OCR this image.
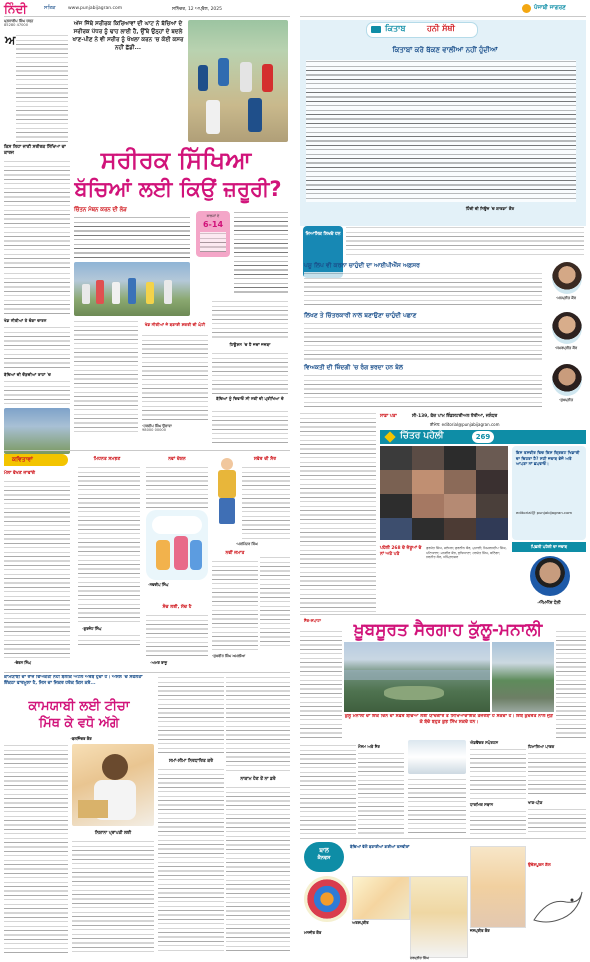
ਨਿੰਦੀ	ਸਤਿਕ	www.punjabijagran.com	ਸਨਿੱਚਰ, 12 ਅਪ੍ਰੈਲ, 2025	ਪੰਜਾਬੀ ਜਾਗਰਣ
ਪ੍ਰਸਾਰੀਪ ਸਿੰਘ ਚੜ੍ਹ
85280 47000
ਅ
ਕਿਸ ਲਿਹਾ ਜਾਣੀ ਸਰੀਰਕ ਸਿੱਖਿਆ ਦਾ ਕਾਰਜ
ਅੱਜ ਜਿੱਥੇ ਸਰੀਰਕ ਕਿਰਿਆਵਾਂ ਦੀ ਘਾਟ ਨੇ ਬੱਚਿਆਂ ਦੇ ਸਰੀਰਕ ਪੱਧਰ ਨੂੰ ਢਾਹ ਲਾਈ ਹੈ, ਉੱਥੇ ਉਨ੍ਹਾਂ ਦੇ ਬਦਲੇ ਖਾਣ-ਪੀਣ ਨੇ ਵੀ ਸਰੀਰ ਨੂੰ ਖੋਖਲਾ ਕਰਨ 'ਚ ਕੋਈ ਕਸਰ ਨਹੀਂ ਛੱਡੀ...
ਸਰੀਰਕ ਸਿੱਖਿਆ
ਬੱਚਿਆਂ ਲਈ ਕਿਉਂ ਜ਼ਰੂਰੀ?
ਚਿੰਤਨ ਮੰਥਨ ਕਰਨ ਦੀ ਲੋੜ
ਬਾਲਕਾਂ ਦੇ
6-14
ਖੇਡ ਨੀਤੀਆਂ ਤੇ ਚੰਗਾ ਚਾਰਨ
ਬੱਚਿਆਂ ਦੀ ਦੌੜਦੀਆਂ ਰਾਹਾਂ 'ਚ
ਖੇਡ ਨੀਤੀਆਂ ਜੇ ਬਣਾਈ ਸ਼ਕਤੀ ਦੀ ਘੰਟੀ
-ਹਰਦੀਪ ਸਿੰਘ ਉਚਾਵਾ
98000 00000
ਟਿਊਸ਼ਨ 'ਚ ਹੈ ਜਦਾਂ ਜਜ਼ਬਾ
ਬੱਚਿਆਂ ਨੂੰ ਦਿਵਾਓ ਸੀ ਨਵੀਂ ਦੀ ਪ੍ਰੀਖਿਆ ਦੇ
ਕਵਿਤਾਵਾਂ
ਮੇਲਾ ਵੇਖਣ ਜਾਵਾਂਗੇ
-ਚੇਤਨ ਸਿੰਘ
ਮਿਹਨਤ ਸਮਝਣ
-ਗੁਰਜੰਟ ਸਿੰਘ
ਨਵਾਂ ਦੇਸ਼ਨ
-ਨਵਦੀਪ ਸਿੰਘ
ਸੋਚ ਲਈ, ਸੱਚ ਹੈ
-ਅਮਰ ਰਾਜੂ
ਸਵੇਰ ਦੀ ਸੈਰ
-ਪਰਮਿੰਦਰ ਸਿੰਘ
ਨਵੀਂ ਜਮਾਤ
-ਸੁਖਵੀਰ ਸਿੰਘ ਅਮਲੀਆ
ਕਾਮਯਾਬੀ ਦਾ ਰਾਜ ਵਿਅਕਤੀ ਨਹੀਂ ਬਲਕਿ ਅਟੱਲ ਅਰਥ ਹੁੰਦਾ ਹੈ। ਅਸਲ 'ਚ ਸਫਲਤਾ ਇੱਕਠਾ ਫਾਰਮੂਲਾ ਹੈ, ਜਿਸ ਦਾ ਜਿਕਰ ਹਰੇਕ ਕਿਸ ਕਰੇ...
ਕਾਮਯਾਬੀ ਲਈ ਟੀਚਾ
ਮਿੱਥ ਕੇ ਵਧੋ ਅੱਗੇ
-ਬਲਜਿੰਦਰ ਕੌਰ
ਨਿਸ਼ਾਨਾ ਪ੍ਰਾਪਤੀ ਲਈ
ਸਮਾਂ-ਸੀਮਾ ਨਿਰਧਾਰਿਤ ਕਰੋ
ਨਾਕਾਮ ਹੋਣ ਤੋਂ ਨਾ ਡਰੋ
ਕਿਤਾਬ	ਹਨੀ ਸੱਥੀ
ਕਿਤਾਬਾਂ ਕਰੋ ਥੱਕਣ ਵਾਲੀਆਂ ਨਹੀਂ ਹੁੰਦੀਆਂ
ਹਿੰਦੀ ਦੀ ਨਿਊਜ਼ 'ਚ ਗਾਰਡਾ' ਕੌਰ
ਜਿਆਸਿਕ ਲਿਖਦੇ ਹਨ
ਪਸ਼ੂ ਲਿਪ ਵੀ ਕਰਨਾ ਚਾਹੁੰਦੀ ਦਾ ਆਈਪੀਐੱਸ ਅਫ਼ਸਰ
-ਮਨਪ੍ਰੀਤ ਕੌਰ
ਲਿਖਣ ਤੇ ਚਿੱਤਰਕਾਰੀ ਨਾਲ ਬਣਾਉਣਾ ਚਾਹੁੰਦੀ ਪਛਾਣ
-ਸਮਰਪ੍ਰੀਤ ਕੌਰ
ਵਿਅਕਤੀ ਦੀ ਜ਼ਿੰਦਗੀ 'ਚ ਰੰਗ ਭਰਦਾ ਹਨ ਬੋਲ
-ਸੁਖਪ੍ਰੀਤ
ਸਾਡਾ ਪਤਾ	ਸੀ-139, ਫੇਜ਼ ਪਾਮ ਇੰਡਸਟਰੀਅਲ ਏਰੀਆ, ਜਲੰਧਰ
ਈਮੇਲ: editorial@punjabijagran.com
ਚਿੱਤਰ ਪਹੇਲੀ	269
ਇਸ ਤਸਵੀਰ ਵਿਚ ਕਿਸ ਕ੍ਰਿਕਟ ਖਿਡਾਰੀ ਦਾ ਚਿਹਰਾ ਹੈ? ਸਹੀ ਜਵਾਬ ਭੇਜੋ ਅਤੇ ਆਪਣਾ ਨਾਂ ਛਪਵਾਓ।
editorial@ punjabijagran.com
ਪਿਛਲੀ ਪਹੇਲੀ ਦਾ ਜਵਾਬ
-ਐੱਮਐੱਸ ਧੋਨੀ
ਪਹੇਲੀ 268 ਦੇ ਜੇਤੂਆਂ ਦੇ ਨਾਂ ਅਤੇ ਪਤੇ
ਗੁਰਜੋਤ ਸਿੰਘ, ਜਲੰਧਰ; ਗੁਰਲੀਨ ਕੌਰ, ਮੁਹਾਲੀ; ਸਿਮਰਨਦੀਪ ਸਿੰਘ, ਪਟਿਆਲਾ; ਮਨਵੀਰ ਕੌਰ, ਲੁਧਿਆਣਾ; ਹਰਜੋਤ ਸਿੰਘ, ਬਠਿੰਡਾ; ਨਵਨੀਤ ਕੌਰ, ਅੰਮ੍ਰਿਤਸਰ
ਸੈਰ-ਸਪਾਟਾ	ਖ਼ੂਬਸੂਰਤ ਸੈਰਗਾਹ ਕੁੱਲੂ-ਮਨਾਲੀ
ਕੁੱਲੂ ਮਨਾਲੀ ਦਾ ਇੱਕ ਦਿਨ ਦਾ ਸਫ਼ਰ ਬੱਚਿਆਂ ਲਈ ਯਾਦਗਾਰ ਤੇ ਸਿੱਖਿਆਦਾਇਕ ਤਜਰਬਾ ਹੋ ਸਕਦਾ ਹੈ। ਇੱਥੇ ਕੁਦਰਤ ਨਾਲ ਜੁੜ ਕੇ ਬੱਚੇ ਬਹੁਤ ਕੁਝ ਸਿੱਖ ਸਕਦੇ ਹਨ।
ਮੌਸਮ ਅਤੇ ਸੈਰ
ਐਡਵੈਂਚਰ ਸਪੋਰਟਸ
ਧਾਰਮਿਕ ਸਥਾਨ
ਹਿਮਾਲਿਆ ਪਾਰਕ
ਖਾਣ-ਪੀਣ
ਬਾਲ
ਕੈਨਵਸ
ਬੱਚਿਆਂ ਵੱਲੋਂ ਬਣਾਈਆਂ ਗਈਆਂ ਤਸਵੀਰਾਂ
ਅਰਸ਼ਪ੍ਰੀਤ
ਮਨਜੀਤ ਕੌਰ
ਹਰਪ੍ਰੀਤ ਸਿੰਘ
ਜਸਪ੍ਰੀਤ ਕੌਰ
ਉਦੇਸ਼ਪੂਰਨ ਗੱਲ
